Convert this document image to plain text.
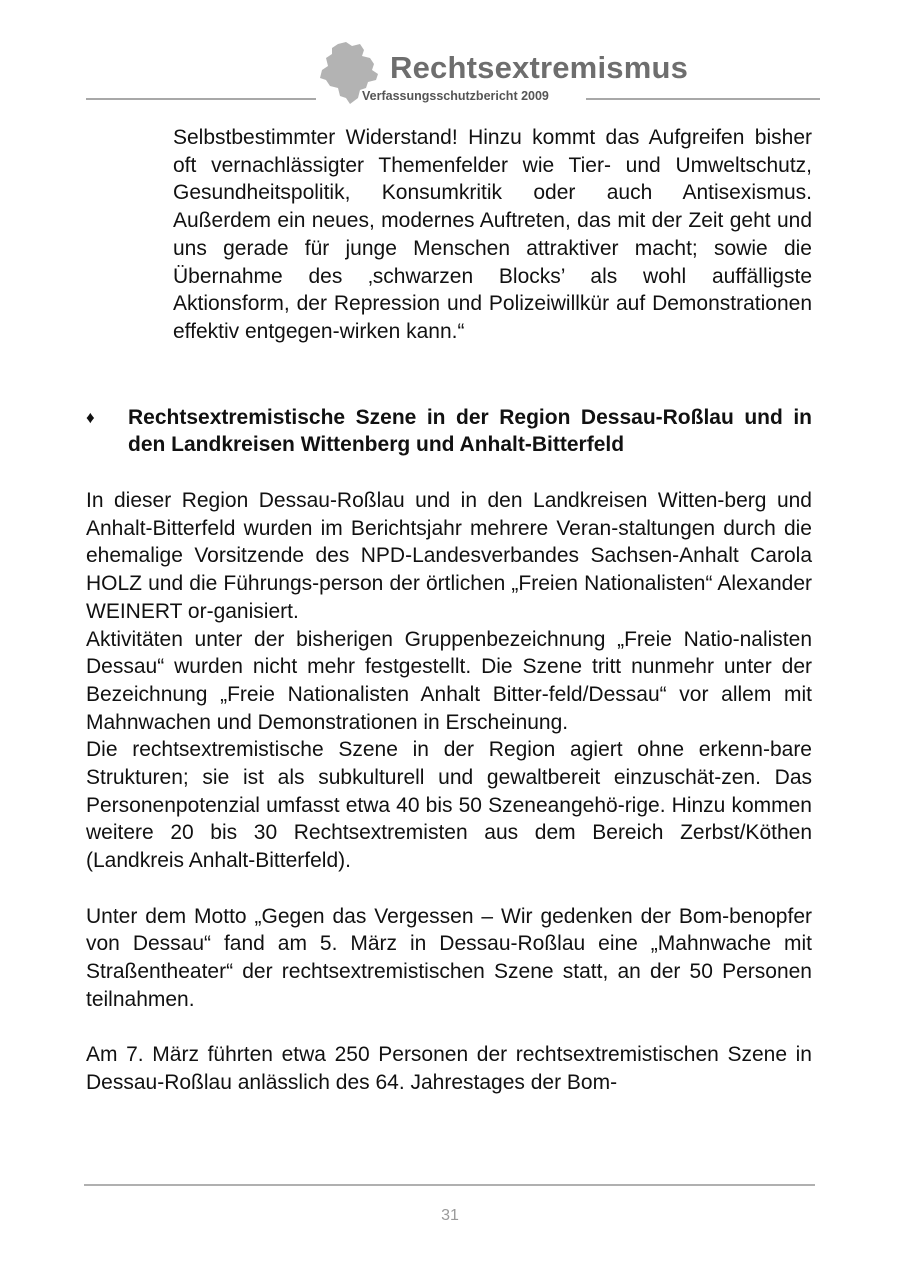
Rechtsextremismus
Verfassungsschutzbericht 2009
Selbstbestimmter Widerstand! Hinzu kommt das Aufgreifen bisher oft vernachlässigter Themenfelder wie Tier- und Umweltschutz, Gesundheitspolitik, Konsumkritik oder auch Antisexismus. Außerdem ein neues, modernes Auftreten, das mit der Zeit geht und uns gerade für junge Menschen attraktiver macht; sowie die Übernahme des ‚schwarzen Blocks’ als wohl auffälligste Aktionsform, der Repression und Polizeiwillkür auf Demonstrationen effektiv entgegen-wirken kann.“
♦ Rechtsextremistische Szene in der Region Dessau-Roßlau und in den Landkreisen Wittenberg und Anhalt-Bitterfeld

In dieser Region Dessau-Roßlau und in den Landkreisen Witten-berg und Anhalt-Bitterfeld wurden im Berichtsjahr mehrere Veran-staltungen durch die ehemalige Vorsitzende des NPD-Landesverbandes Sachsen-Anhalt Carola HOLZ und die Führungs-person der örtlichen „Freien Nationalisten“ Alexander WEINERT or-ganisiert.

Aktivitäten unter der bisherigen Gruppenbezeichnung „Freie Natio-nalisten Dessau“ wurden nicht mehr festgestellt. Die Szene tritt nunmehr unter der Bezeichnung „Freie Nationalisten Anhalt Bitter-feld/Dessau“ vor allem mit Mahnwachen und Demonstrationen in Erscheinung.

Die rechtsextremistische Szene in der Region agiert ohne erkenn-bare Strukturen; sie ist als subkulturell und gewaltbereit einzuschät-zen. Das Personenpotenzial umfasst etwa 40 bis 50 Szeneangehö-rige. Hinzu kommen weitere 20 bis 30 Rechtsextremisten aus dem Bereich Zerbst/Köthen (Landkreis Anhalt-Bitterfeld).

Unter dem Motto „Gegen das Vergessen – Wir gedenken der Bom-benopfer von Dessau“ fand am 5. März in Dessau-Roßlau eine „Mahnwache mit Straßentheater“ der rechtsextremistischen Szene statt, an der 50 Personen teilnahmen.

Am 7. März führten etwa 250 Personen der rechtsextremistischen Szene in Dessau-Roßlau anlässlich des 64. Jahrestages der Bom-

31
